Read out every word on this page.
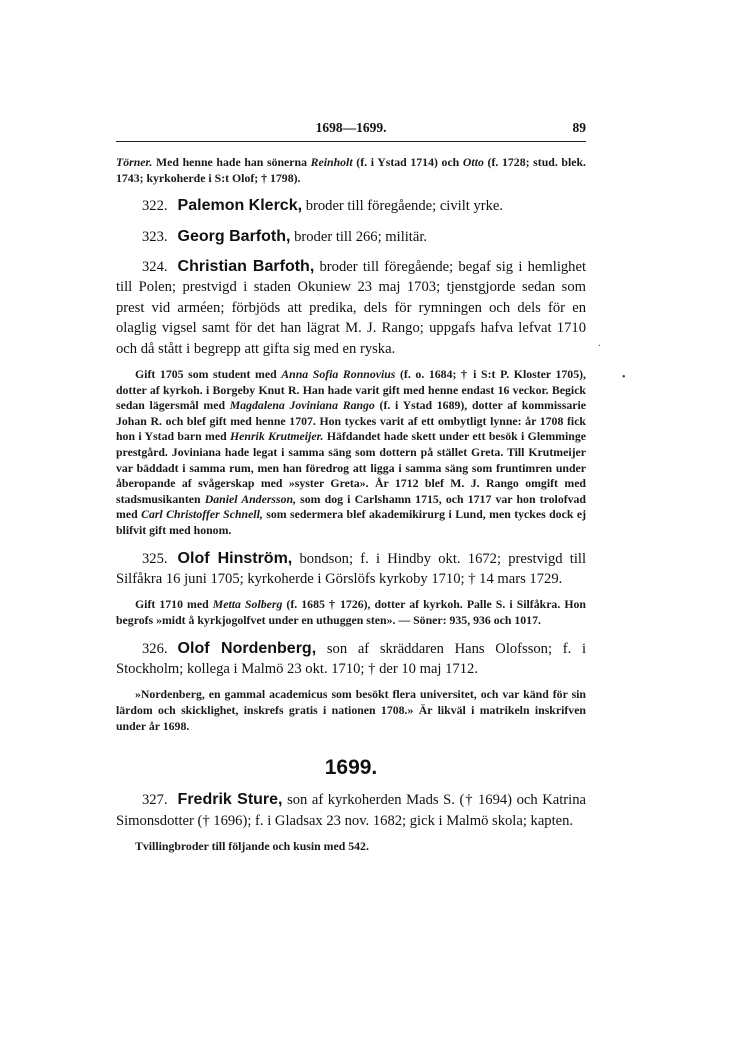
1698—1699.	89

Törner. Med henne hade han sönerna Reinholt (f. i Ystad 1714) och Otto (f. 1728; stud. blek. 1743; kyrkoherde i S:t Olof; † 1798).

322. Palemon Klerck, broder till föregående; civilt yrke.

323. Georg Barfoth, broder till 266; militär.

324. Christian Barfoth, broder till föregående; begaf sig i hemlighet till Polen; prestvigd i staden Okuniew 23 maj 1703; tjenstgjorde sedan som prest vid arméen; förbjöds att predika, dels för rymningen och dels för en olaglig vigsel samt för det han lägrat M. J. Rango; uppgafs hafva lefvat 1710 och då stått i begrepp att gifta sig med en ryska.

Gift 1705 som student med Anna Sofia Ronnovius (f. o. 1684; † i S:t P. Kloster 1705), dotter af kyrkoh. i Borgeby Knut R. Han hade varit gift med henne endast 16 veckor. Begick sedan lägersmål med Magdalena Joviniana Rango (f. i Ystad 1689), dotter af kommissarie Johan R. och blef gift med henne 1707. Hon tyckes varit af ett ombytligt lynne: år 1708 fick hon i Ystad barn med Henrik Krutmeijer. Häfdandet hade skett under ett besök i Glemminge prestgård. Joviniana hade legat i samma säng som dottern på stället Greta. Till Krutmeijer var bäddadt i samma rum, men han föredrog att ligga i samma säng som fruntimren under åberopande af svågerskap med »syster Greta». År 1712 blef M. J. Rango omgift med stadsmusikanten Daniel Andersson, som dog i Carlshamn 1715, och 1717 var hon trolofvad med Carl Christoffer Schnell, som sedermera blef akademikirurg i Lund, men tyckes dock ej blifvit gift med honom.

325. Olof Hinström, bondson; f. i Hindby okt. 1672; prestvigd till Silfåkra 16 juni 1705; kyrkoherde i Görslöfs kyrkoby 1710; † 14 mars 1729.

Gift 1710 med Metta Solberg (f. 1685 † 1726), dotter af kyrkoh. Palle S. i Silfåkra. Hon begrofs »midt å kyrkjogolfvet under en uthuggen sten». — Söner: 935, 936 och 1017.

326. Olof Nordenberg, son af skräddaren Hans Olofsson; f. i Stockholm; kollega i Malmö 23 okt. 1710; † der 10 maj 1712.

»Nordenberg, en gammal academicus som besökt flera universitet, och var känd för sin lärdom och skicklighet, inskrefs gratis i nationen 1708.» Är likväl i matrikeln inskrifven under år 1698.

1699.

327. Fredrik Sture, son af kyrkoherden Mads S. († 1694) och Katrina Simonsdotter († 1696); f. i Gladsax 23 nov. 1682; gick i Malmö skola; kapten.

Tvillingbroder till följande och kusin med 542.

.
•
